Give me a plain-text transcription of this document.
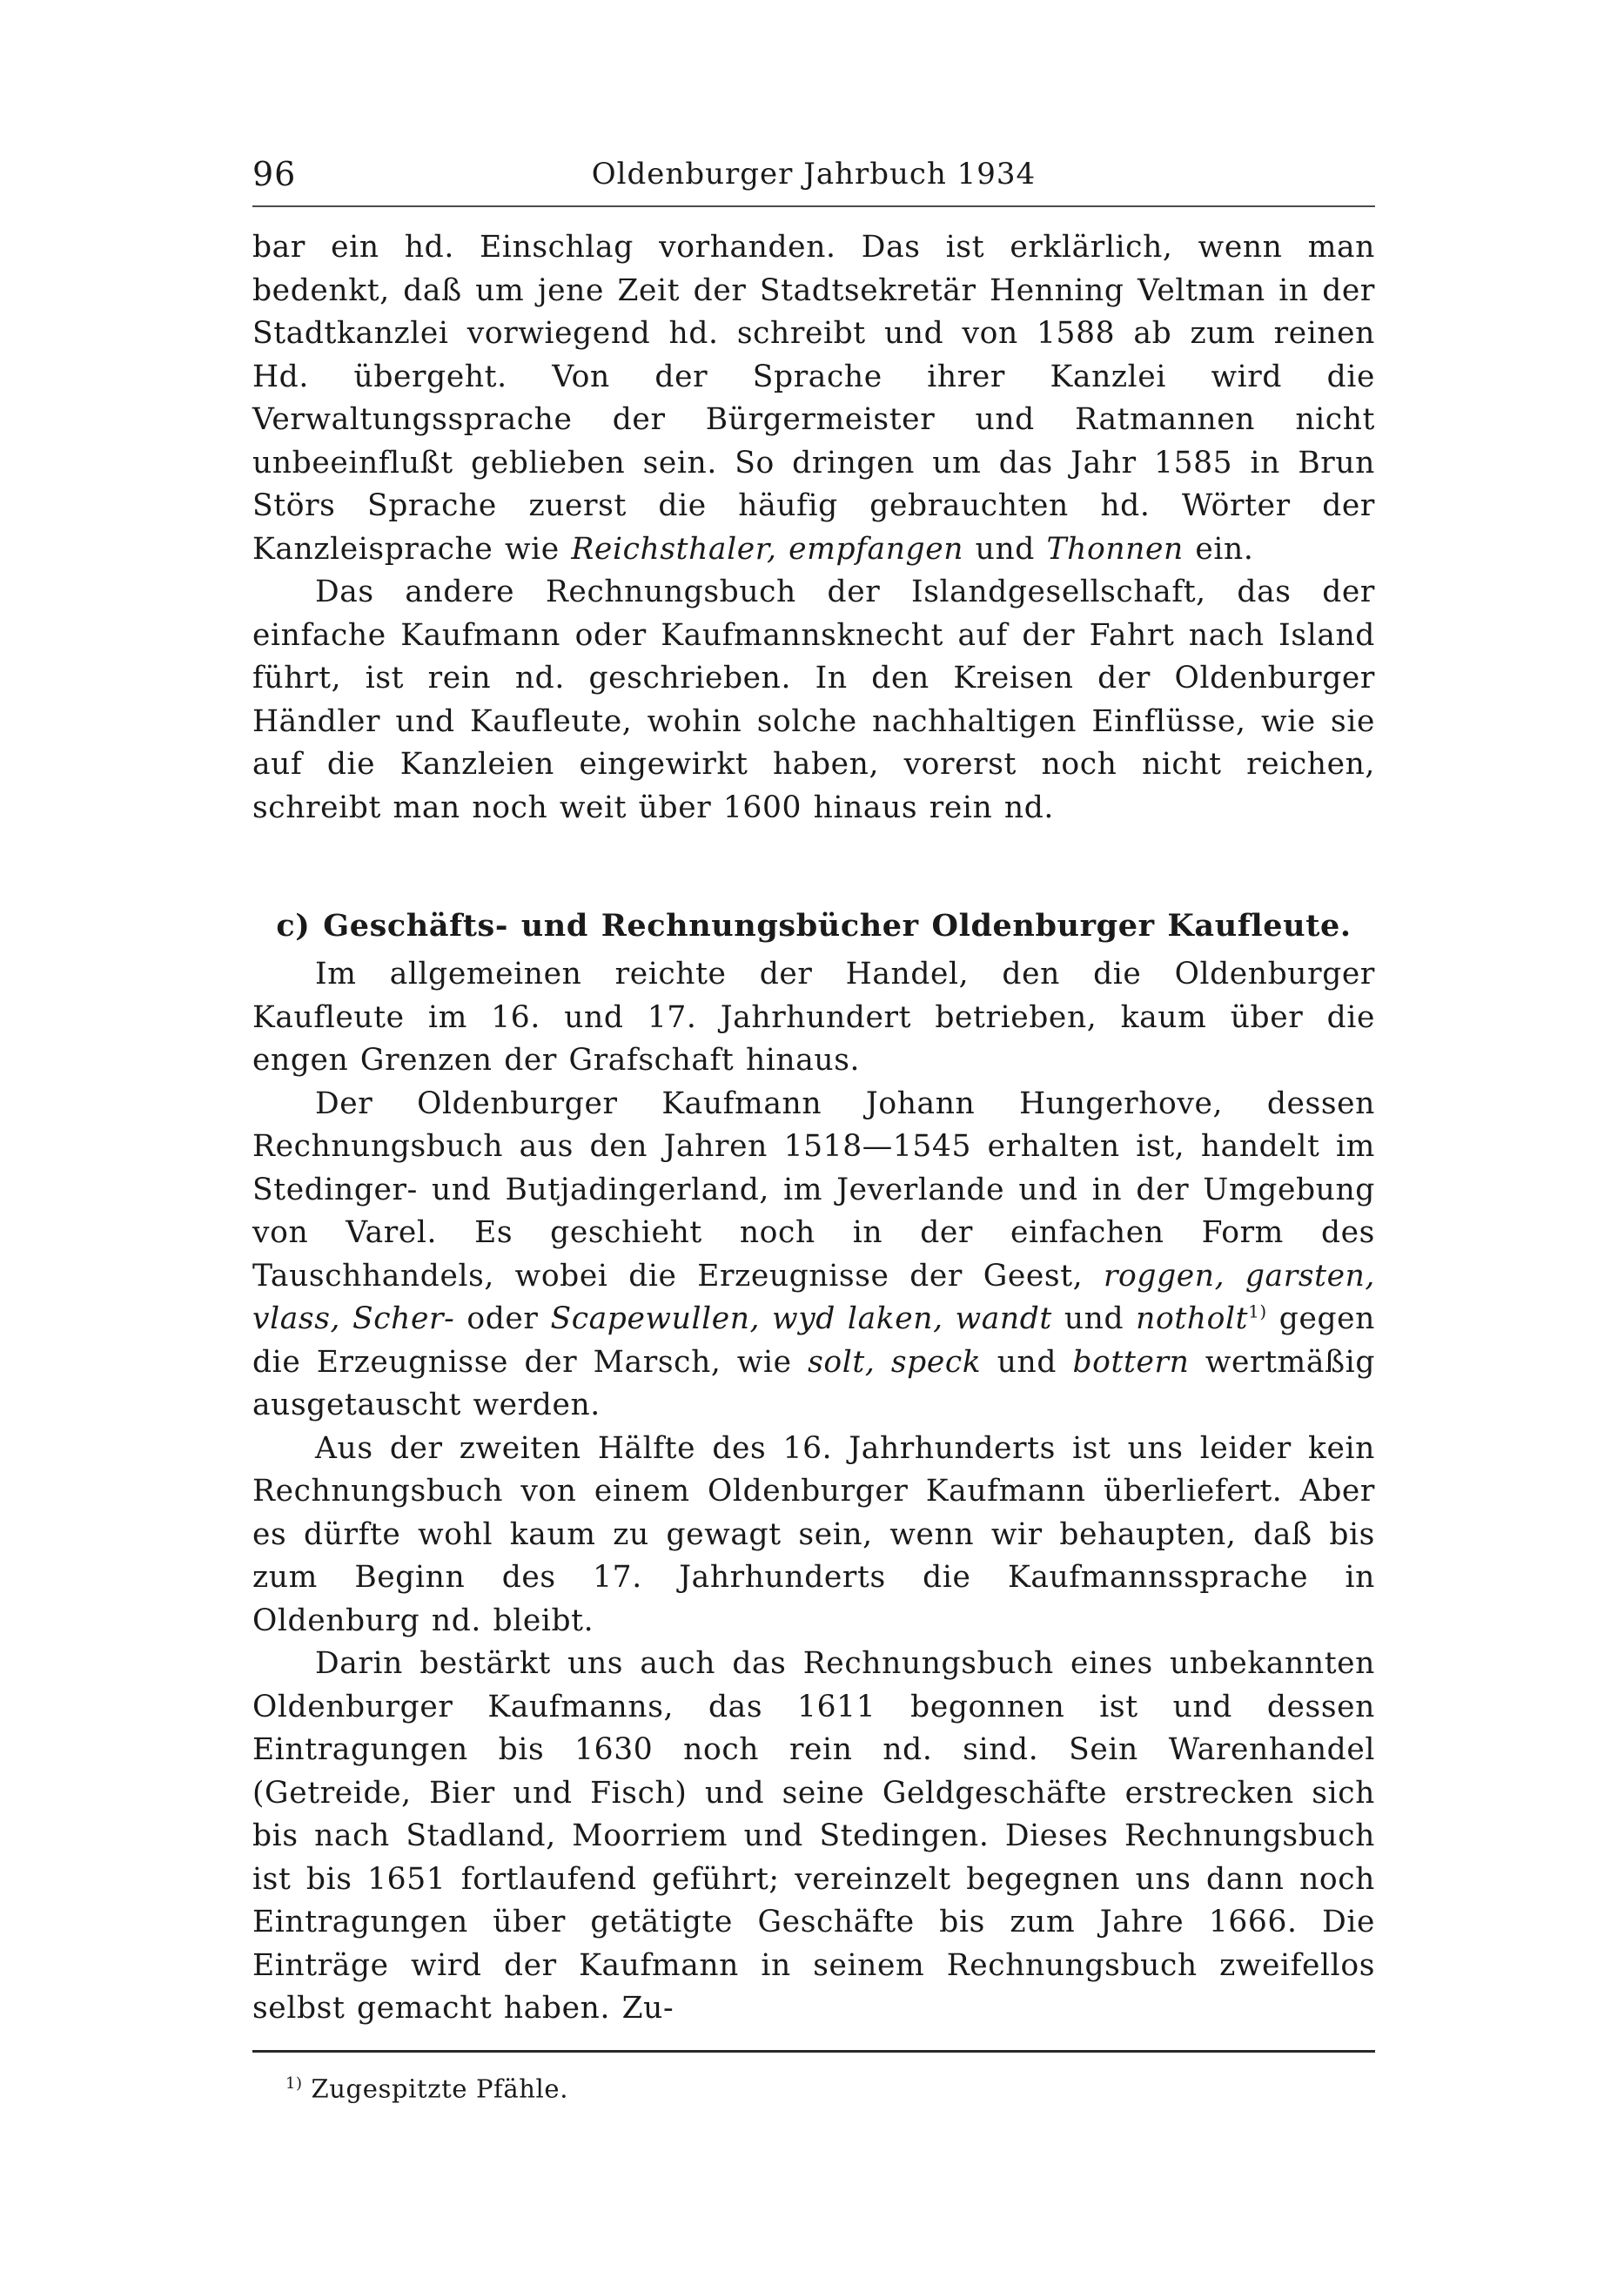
96	Oldenburger Jahrbuch 1934

bar ein hd. Einschlag vorhanden. Das ist erklärlich, wenn man bedenkt, daß um jene Zeit der Stadtsekretär Henning Veltman in der Stadtkanzlei vorwiegend hd. schreibt und von 1588 ab zum reinen Hd. übergeht. Von der Sprache ihrer Kanzlei wird die Verwaltungssprache der Bürgermeister und Ratmannen nicht unbeeinflußt geblieben sein. So dringen um das Jahr 1585 in Brun Störs Sprache zuerst die häufig gebrauchten hd. Wörter der Kanzleisprache wie Reichsthaler, empfangen und Thonnen ein.

Das andere Rechnungsbuch der Islandgesellschaft, das der einfache Kaufmann oder Kaufmannsknecht auf der Fahrt nach Island führt, ist rein nd. geschrieben. In den Kreisen der Oldenburger Händler und Kaufleute, wohin solche nachhaltigen Einflüsse, wie sie auf die Kanzleien eingewirkt haben, vorerst noch nicht reichen, schreibt man noch weit über 1600 hinaus rein nd.

c) Geschäfts- und Rechnungsbücher Oldenburger Kaufleute.

Im allgemeinen reichte der Handel, den die Oldenburger Kaufleute im 16. und 17. Jahrhundert betrieben, kaum über die engen Grenzen der Grafschaft hinaus.

Der Oldenburger Kaufmann Johann Hungerhove, dessen Rechnungsbuch aus den Jahren 1518—1545 erhalten ist, handelt im Stedinger- und Butjadingerland, im Jeverlande und in der Umgebung von Varel. Es geschieht noch in der einfachen Form des Tauschhandels, wobei die Erzeugnisse der Geest, roggen, garsten, vlass, Scher- oder Scapewullen, wyd laken, wandt und notholt$^{1)}$ gegen die Erzeugnisse der Marsch, wie solt, speck und bottern wertmäßig ausgetauscht werden.

Aus der zweiten Hälfte des 16. Jahrhunderts ist uns leider kein Rechnungsbuch von einem Oldenburger Kaufmann überliefert. Aber es dürfte wohl kaum zu gewagt sein, wenn wir behaupten, daß bis zum Beginn des 17. Jahrhunderts die Kaufmannssprache in Oldenburg nd. bleibt.

Darin bestärkt uns auch das Rechnungsbuch eines unbekannten Oldenburger Kaufmanns, das 1611 begonnen ist und dessen Eintragungen bis 1630 noch rein nd. sind. Sein Warenhandel (Getreide, Bier und Fisch) und seine Geldgeschäfte erstrecken sich bis nach Stadland, Moorriem und Stedingen. Dieses Rechnungsbuch ist bis 1651 fortlaufend geführt; vereinzelt begegnen uns dann noch Eintragungen über getätigte Geschäfte bis zum Jahre 1666. Die Einträge wird der Kaufmann in seinem Rechnungsbuch zweifellos selbst gemacht haben. Zu-

$^{1)}$ Zugespitzte Pfähle.
